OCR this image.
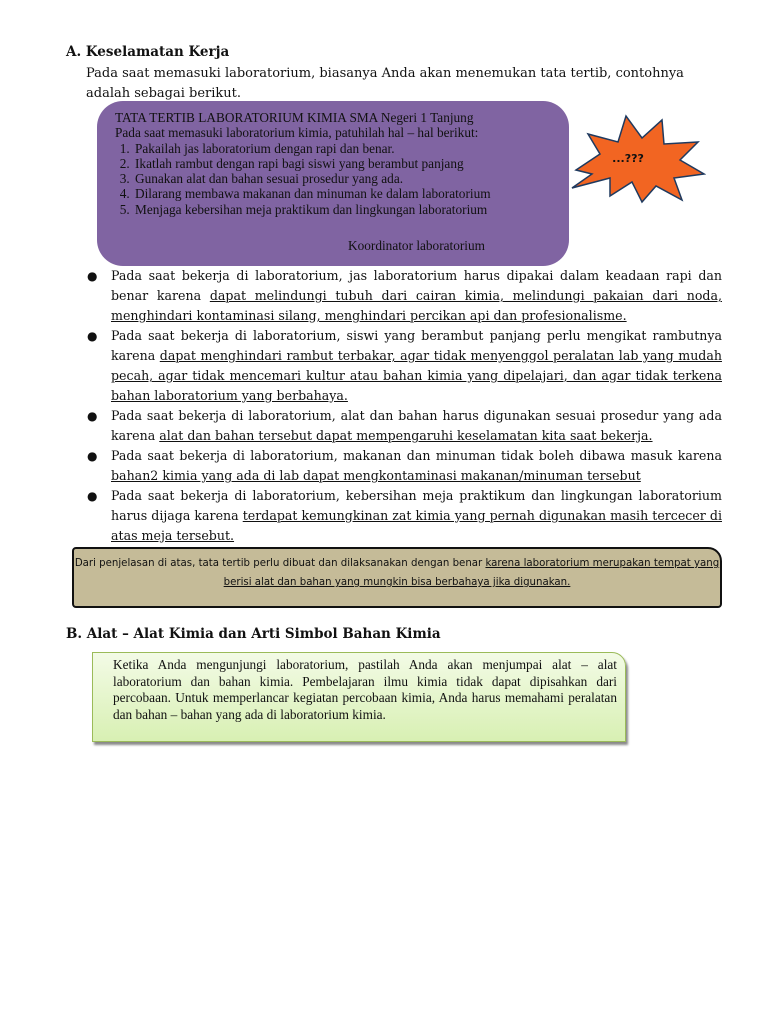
A. Keselamatan Kerja
Pada saat memasuki laboratorium, biasanya Anda akan menemukan tata tertib, contohnya
adalah sebagai berikut.
TATA TERTIB LABORATORIUM KIMIA SMA Negeri 1 Tanjung
Pada saat memasuki laboratorium kimia, patuhilah hal – hal berikut:
1. Pakailah jas laboratorium dengan rapi dan benar.
2. Ikatlah rambut dengan rapi bagi siswi yang berambut panjang
3. Gunakan alat dan bahan sesuai prosedur yang ada.
4. Dilarang membawa makanan dan minuman ke dalam laboratorium
5. Menjaga kebersihan meja praktikum dan lingkungan laboratorium
Koordinator laboratorium
...???
● Pada saat bekerja di laboratorium, jas laboratorium harus dipakai dalam keadaan rapi dan benar karena dapat melindungi tubuh dari cairan kimia, melindungi pakaian dari noda, menghindari kontaminasi silang, menghindari percikan api dan profesionalisme.
● Pada saat bekerja di laboratorium, siswi yang berambut panjang perlu mengikat rambutnya karena dapat menghindari rambut terbakar, agar tidak menyenggol peralatan lab yang mudah pecah, agar tidak mencemari kultur atau bahan kimia yang dipelajari, dan agar tidak terkena bahan laboratorium yang berbahaya.
● Pada saat bekerja di laboratorium, alat dan bahan harus digunakan sesuai prosedur yang ada karena alat dan bahan tersebut dapat mempengaruhi keselamatan kita saat bekerja.
● Pada saat bekerja di laboratorium, makanan dan minuman tidak boleh dibawa masuk karena bahan2 kimia yang ada di lab dapat mengkontaminasi makanan/minuman tersebut
● Pada saat bekerja di laboratorium, kebersihan meja praktikum dan lingkungan laboratorium harus dijaga karena terdapat kemungkinan zat kimia yang pernah digunakan masih tercecer di atas meja tersebut.
Dari penjelasan di atas, tata tertib perlu dibuat dan dilaksanakan dengan benar karena laboratorium merupakan tempat yang berisi alat dan bahan yang mungkin bisa berbahaya jika digunakan.
B. Alat – Alat Kimia dan Arti Simbol Bahan Kimia
Ketika Anda mengunjungi laboratorium, pastilah Anda akan menjumpai alat – alat laboratorium dan bahan kimia. Pembelajaran ilmu kimia tidak dapat dipisahkan dari percobaan. Untuk memperlancar kegiatan percobaan kimia, Anda harus memahami peralatan dan bahan – bahan yang ada di laboratorium kimia.
